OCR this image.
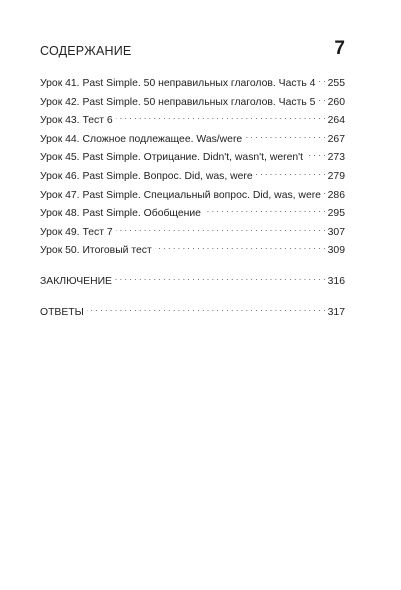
СОДЕРЖАНИЕ	7
Урок 41. Past Simple. 50 неправильных глаголов. Часть 4 . . . 255
Урок 42. Past Simple. 50 неправильных глаголов. Часть 5 . . . 260
Урок 43. Тест 6 . . .	264
Урок 44. Сложное подлежащее. Was/were . . .	267
Урок 45. Past Simple. Отрицание. Didn't, wasn't, weren't . . . 273
Урок 46. Past Simple. Вопрос. Did, was, were . . .	279
Урок 47. Past Simple. Специальный вопрос. Did, was, were . . . 286
Урок 48. Past Simple. Обобщение . . .	295
Урок 49. Тест 7 . . .	307
Урок 50. Итоговый тест . . .	309
ЗАКЛЮЧЕНИЕ . . .	316
ОТВЕТЫ . . .	317
